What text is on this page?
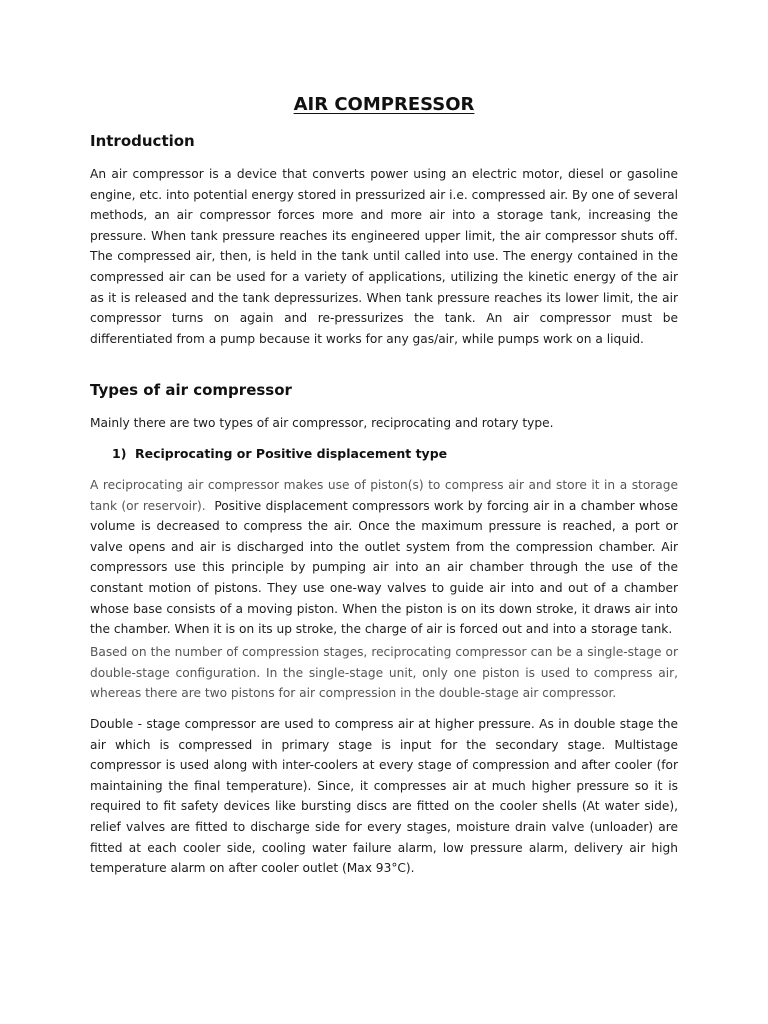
AIR COMPRESSOR
Introduction

An air compressor is a device that converts power using an electric motor, diesel or gasoline engine, etc. into potential energy stored in pressurized air i.e. compressed air. By one of several methods, an air compressor forces more and more air into a storage tank, increasing the pressure. When tank pressure reaches its engineered upper limit, the air compressor shuts off. The compressed air, then, is held in the tank until called into use. The energy contained in the compressed air can be used for a variety of applications, utilizing the kinetic energy of the air as it is released and the tank depressurizes. When tank pressure reaches its lower limit, the air compressor turns on again and re-pressurizes the tank. An air compressor must be differentiated from a pump because it works for any gas/air, while pumps work on a liquid.

Types of air compressor

Mainly there are two types of air compressor, reciprocating and rotary type.

1) Reciprocating or Positive displacement type

A reciprocating air compressor makes use of piston(s) to compress air and store it in a storage tank (or reservoir). Positive displacement compressors work by forcing air in a chamber whose volume is decreased to compress the air. Once the maximum pressure is reached, a port or valve opens and air is discharged into the outlet system from the compression chamber. Air compressors use this principle by pumping air into an air chamber through the use of the constant motion of pistons. They use one-way valves to guide air into and out of a chamber whose base consists of a moving piston. When the piston is on its down stroke, it draws air into the chamber. When it is on its up stroke, the charge of air is forced out and into a storage tank.

Based on the number of compression stages, reciprocating compressor can be a single-stage or double-stage configuration. In the single-stage unit, only one piston is used to compress air, whereas there are two pistons for air compression in the double-stage air compressor.

Double - stage compressor are used to compress air at higher pressure. As in double stage the air which is compressed in primary stage is input for the secondary stage. Multistage compressor is used along with inter-coolers at every stage of compression and after cooler (for maintaining the final temperature). Since, it compresses air at much higher pressure so it is required to fit safety devices like bursting discs are fitted on the cooler shells (At water side), relief valves are fitted to discharge side for every stages, moisture drain valve (unloader) are fitted at each cooler side, cooling water failure alarm, low pressure alarm, delivery air high temperature alarm on after cooler outlet (Max 93°C).
